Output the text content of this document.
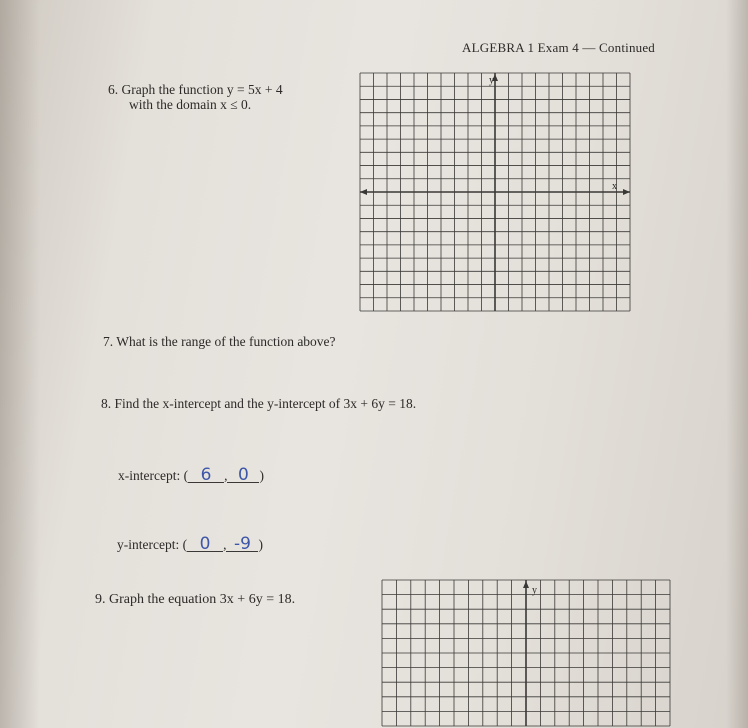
ALGEBRA 1 Exam 4 — Continued
6. Graph the function y = 5x + 4
with the domain x ≤ 0.
y
x
7. What is the range of the function above?
8. Find the x-intercept and the y-intercept of 3x + 6y = 18.
x-intercept: ( 6 , 0 )
y-intercept: ( 0 , -9 )
9. Graph the equation 3x + 6y = 18.
y
